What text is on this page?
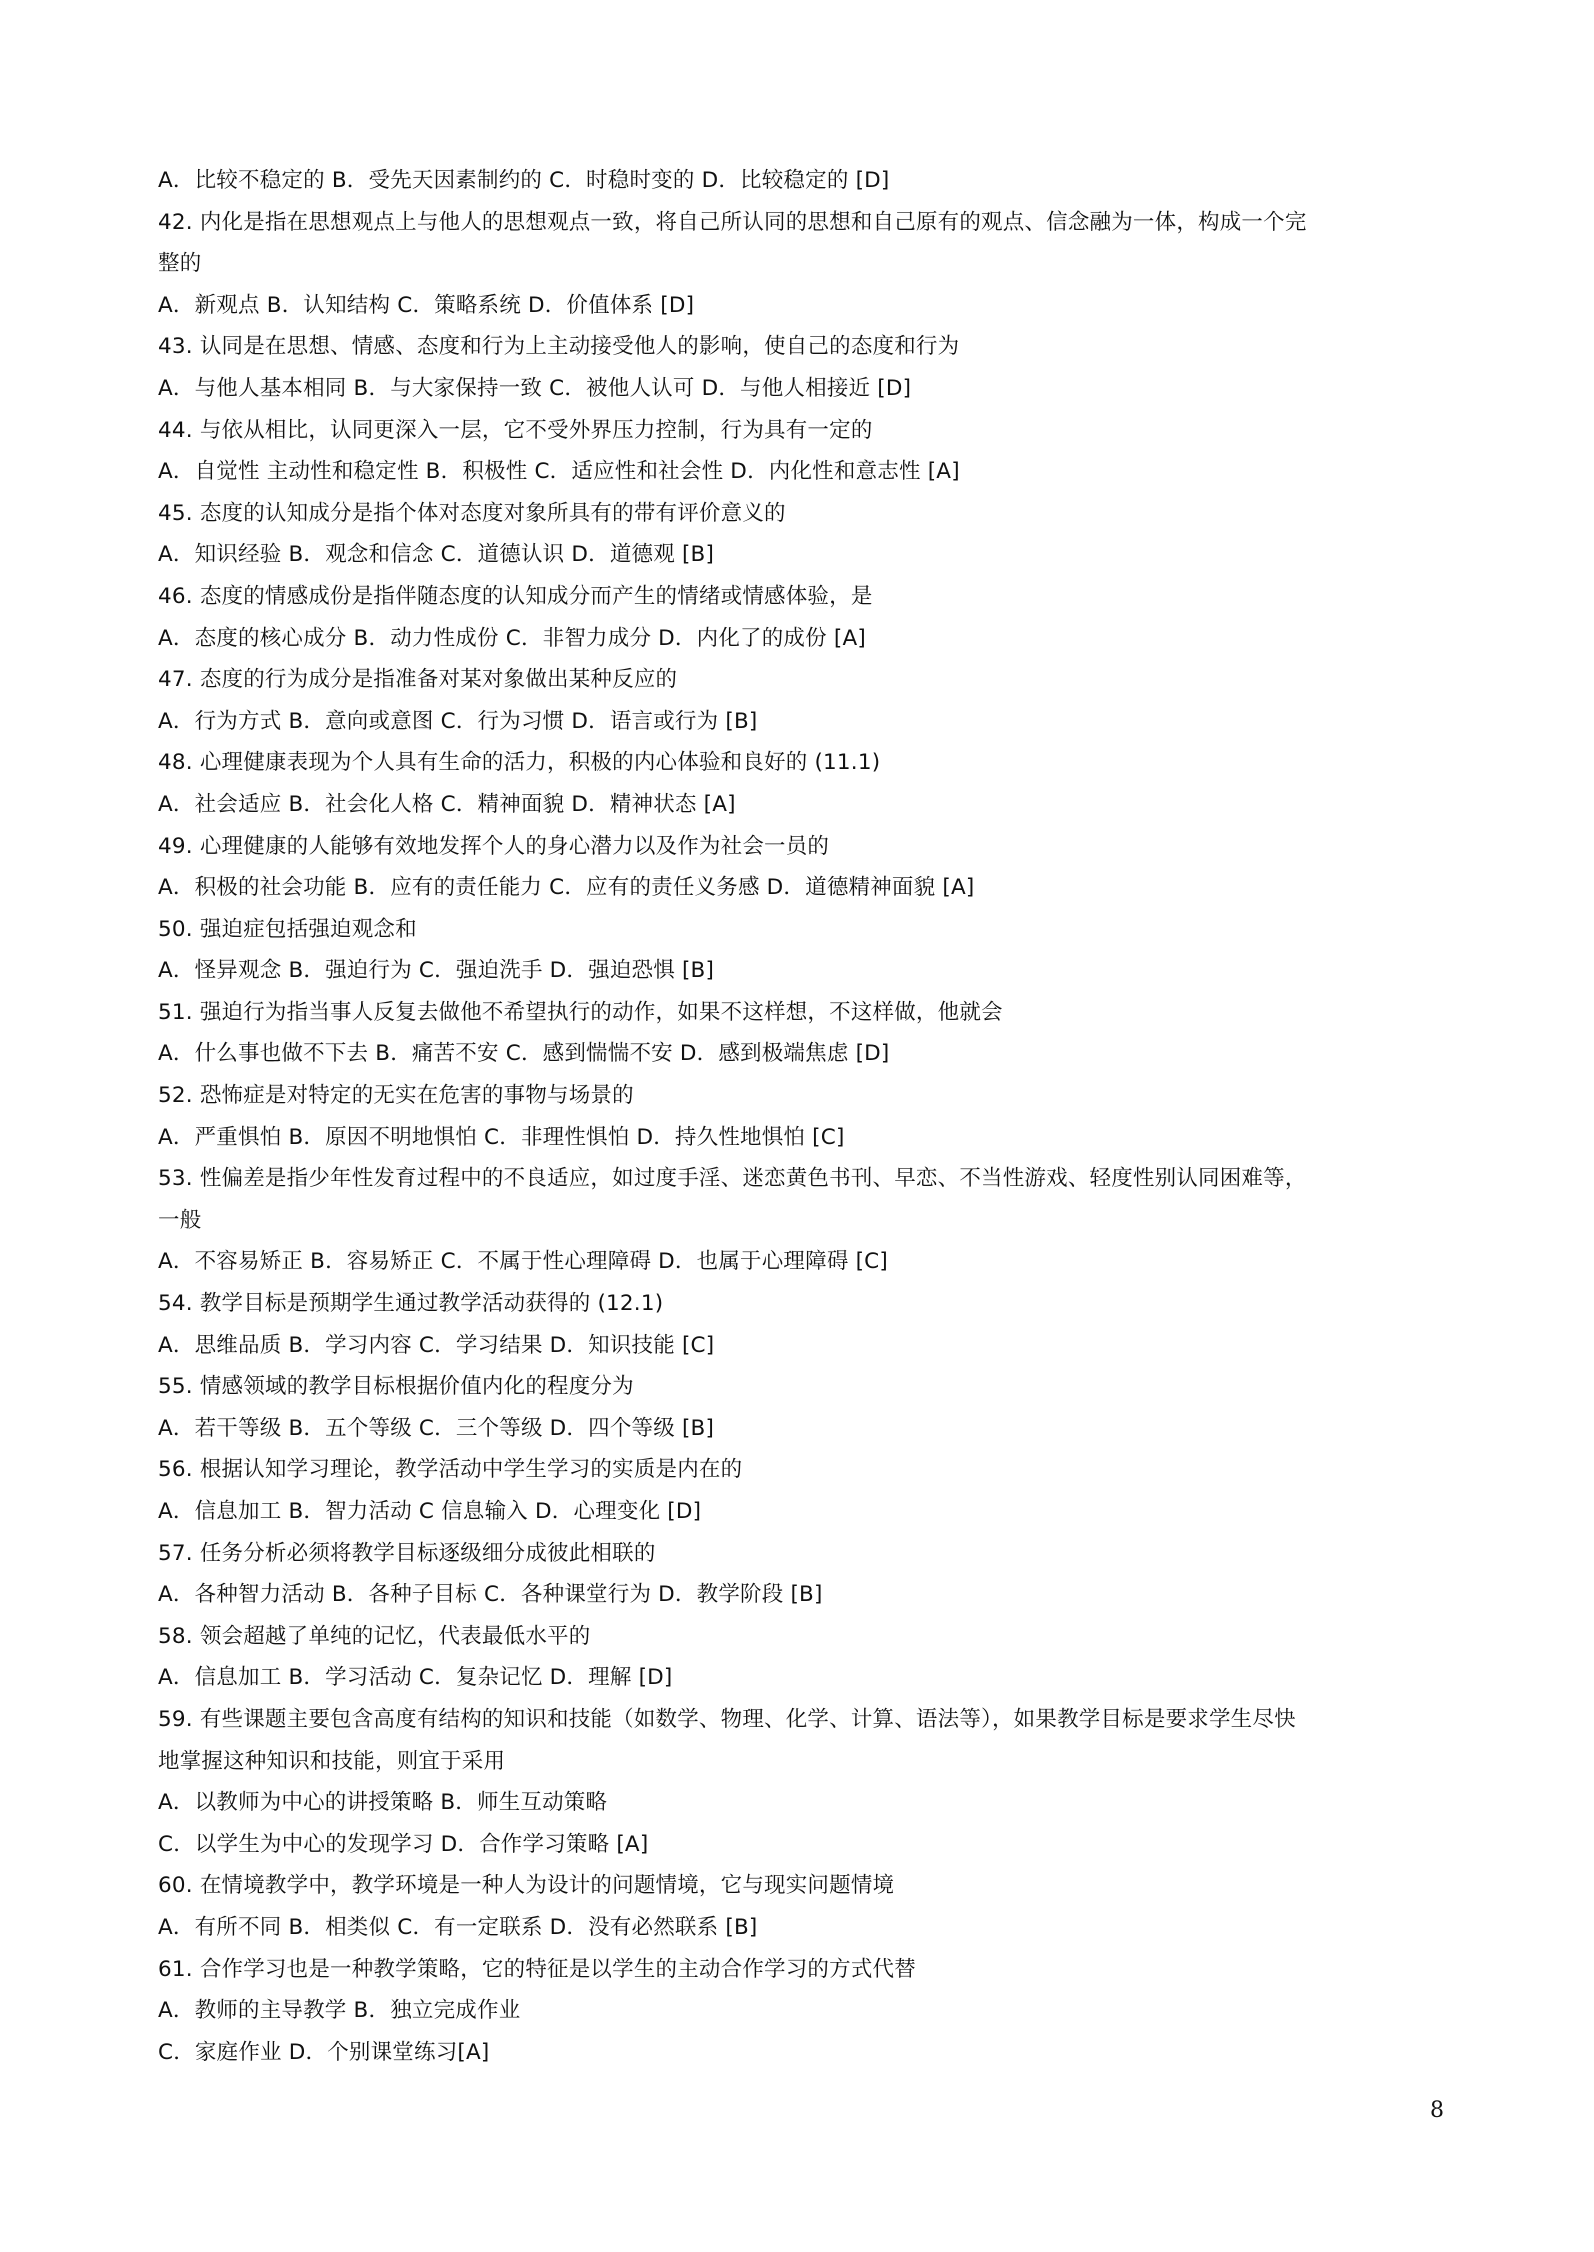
A．比较不稳定的 B．受先天因素制约的 C．时稳时变的 D．比较稳定的 [D]
42. 内化是指在思想观点上与他人的思想观点一致，将自己所认同的思想和自己原有的观点、信念融为一体，构成一个完
整的
A．新观点 B．认知结构 C．策略系统 D．价值体系 [D]
43. 认同是在思想、情感、态度和行为上主动接受他人的影响，使自己的态度和行为
A．与他人基本相同 B．与大家保持一致 C．被他人认可 D．与他人相接近 [D]
44. 与依从相比，认同更深入一层，它不受外界压力控制，行为具有一定的
A．自觉性 主动性和稳定性 B．积极性 C．适应性和社会性 D．内化性和意志性 [A]
45. 态度的认知成分是指个体对态度对象所具有的带有评价意义的
A．知识经验 B．观念和信念 C．道德认识 D．道德观 [B]
46. 态度的情感成份是指伴随态度的认知成分而产生的情绪或情感体验，是
A．态度的核心成分 B．动力性成份 C．非智力成分 D．内化了的成份 [A]
47. 态度的行为成分是指准备对某对象做出某种反应的
A．行为方式 B．意向或意图 C．行为习惯 D．语言或行为 [B]
48. 心理健康表现为个人具有生命的活力，积极的内心体验和良好的 (11.1)
A．社会适应 B．社会化人格 C．精神面貌 D．精神状态 [A]
49. 心理健康的人能够有效地发挥个人的身心潜力以及作为社会一员的
A．积极的社会功能 B．应有的责任能力 C．应有的责任义务感 D．道德精神面貌 [A]
50. 强迫症包括强迫观念和
A．怪异观念 B．强迫行为 C．强迫洗手 D．强迫恐惧 [B]
51. 强迫行为指当事人反复去做他不希望执行的动作，如果不这样想，不这样做，他就会
A．什么事也做不下去 B．痛苦不安 C．感到惴惴不安 D．感到极端焦虑 [D]
52. 恐怖症是对特定的无实在危害的事物与场景的
A．严重惧怕 B．原因不明地惧怕 C．非理性惧怕 D．持久性地惧怕 [C]
53. 性偏差是指少年性发育过程中的不良适应，如过度手淫、迷恋黄色书刊、早恋、不当性游戏、轻度性别认同困难等，
一般
A．不容易矫正 B．容易矫正 C．不属于性心理障碍 D．也属于心理障碍 [C]
54. 教学目标是预期学生通过教学活动获得的 (12.1)
A．思维品质 B．学习内容 C．学习结果 D．知识技能 [C]
55. 情感领域的教学目标根据价值内化的程度分为
A．若干等级 B．五个等级 C．三个等级 D．四个等级 [B]
56. 根据认知学习理论，教学活动中学生学习的实质是内在的
A．信息加工 B．智力活动 C 信息输入 D．心理变化 [D]
57. 任务分析必须将教学目标逐级细分成彼此相联的
A．各种智力活动 B．各种子目标 C．各种课堂行为 D．教学阶段 [B]
58. 领会超越了单纯的记忆，代表最低水平的
A．信息加工 B．学习活动 C．复杂记忆 D．理解 [D]
59. 有些课题主要包含高度有结构的知识和技能（如数学、物理、化学、计算、语法等），如果教学目标是要求学生尽快
地掌握这种知识和技能，则宜于采用
A．以教师为中心的讲授策略 B．师生互动策略
C．以学生为中心的发现学习 D．合作学习策略 [A]
60. 在情境教学中，教学环境是一种人为设计的问题情境，它与现实问题情境
A．有所不同 B．相类似 C．有一定联系 D．没有必然联系 [B]
61. 合作学习也是一种教学策略，它的特征是以学生的主动合作学习的方式代替
A．教师的主导教学 B．独立完成作业
C．家庭作业 D．个别课堂练习[A]
8
